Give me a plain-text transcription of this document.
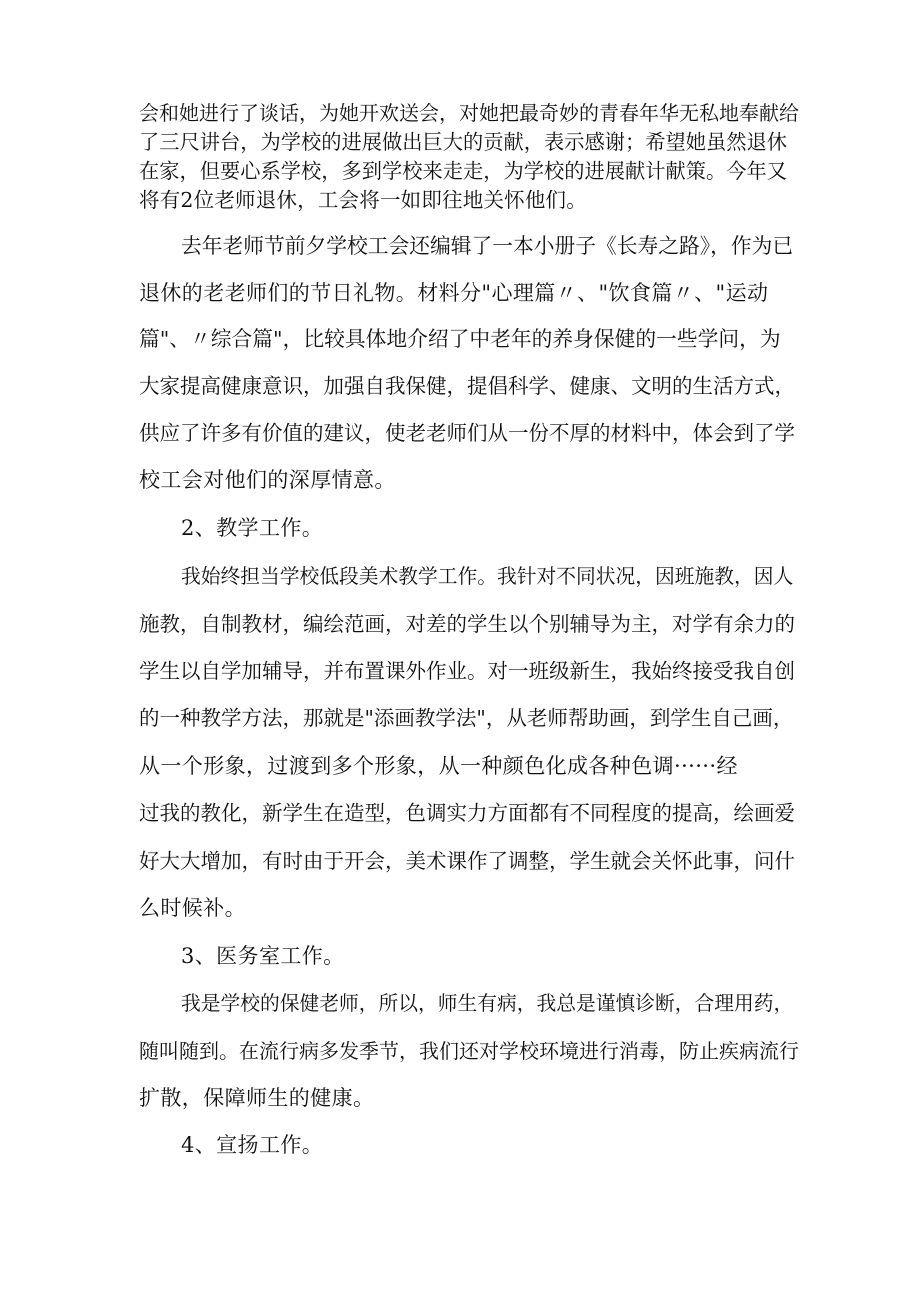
会和她进行了谈话，为她开欢送会，对她把最奇妙的青春年华无私地奉献给
了三尺讲台，为学校的进展做出巨大的贡献，表示感谢；希望她虽然退休
在家，但要心系学校，多到学校来走走，为学校的进展献计献策。今年又
将有2位老师退休，工会将一如即往地关怀他们。
去年老师节前夕学校工会还编辑了一本小册子《长寿之路》，作为已
退休的老老师们的节日礼物。材料分"心理篇〃、"饮食篇〃、"运动
篇"、〃综合篇"，比较具体地介绍了中老年的养身保健的一些学问，为
大家提高健康意识，加强自我保健，提倡科学、健康、文明的生活方式，
供应了许多有价值的建议，使老老师们从一份不厚的材料中，体会到了学
校工会对他们的深厚情意。
2、教学工作。
我始终担当学校低段美术教学工作。我针对不同状况，因班施教，因人
施教，自制教材，编绘范画，对差的学生以个别辅导为主，对学有余力的
学生以自学加辅导，并布置课外作业。对一班级新生，我始终接受我自创
的一种教学方法，那就是"添画教学法"，从老师帮助画，到学生自己画，
从一个形象，过渡到多个形象，从一种颜色化成各种色调······经
过我的教化，新学生在造型，色调实力方面都有不同程度的提高，绘画爱
好大大增加，有时由于开会，美术课作了调整，学生就会关怀此事，问什
么时候补。
3、医务室工作。
我是学校的保健老师，所以，师生有病，我总是谨慎诊断，合理用药，
随叫随到。在流行病多发季节，我们还对学校环境进行消毒，防止疾病流行
扩散，保障师生的健康。
4、宣扬工作。
